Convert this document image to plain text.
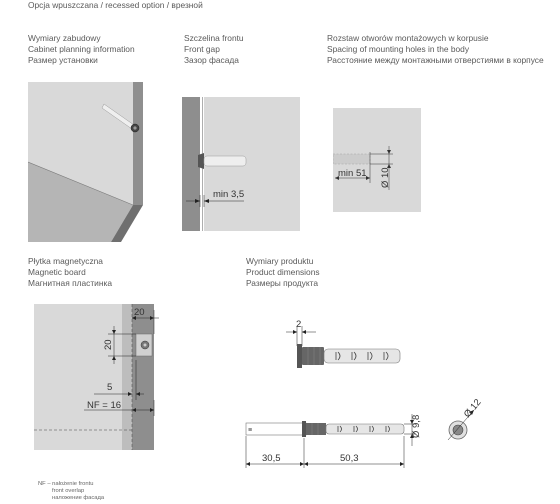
Opcja wpuszczana / recessed option / врезной
Wymiary zabudowy
Cabinet planning information
Размер установки
Szczelina frontu
Front gap
Зазор фасада
Rozstaw otworów montażowych w korpusie
Spacing of mounting holes in the body
Расстояние между монтажными отверстиями в корпусе
Płytka magnetyczna
Magnetic board
Магнитная пластинка
Wymiary produktu
Product dimensions
Размеры продукта
min 3,5
min 51 Ø 10
20
20
5
NF = 16
2
≡	Ø 9,8
Ø 12
30,5	50,3
NF – nałożenie frontu
front overlap
наложение фасада
